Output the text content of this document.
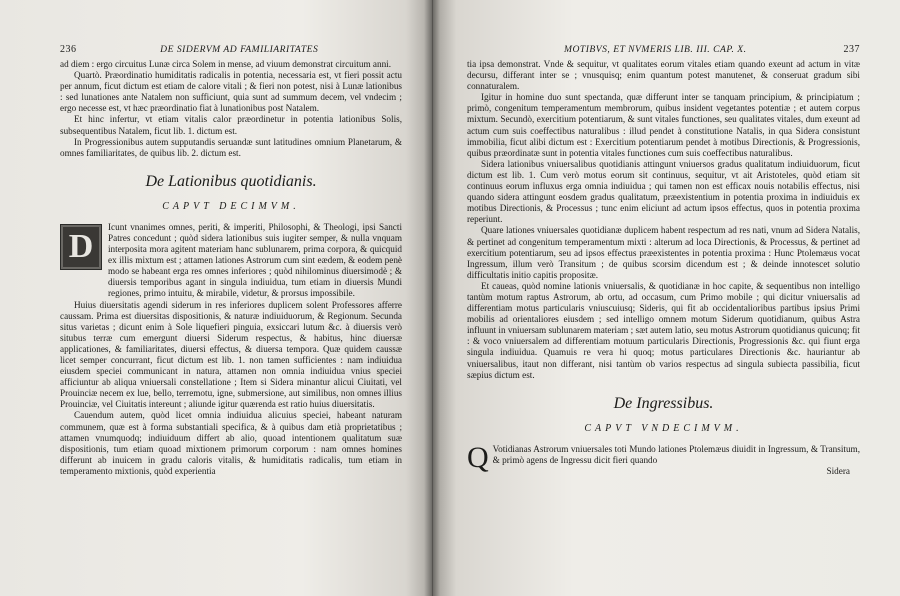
236	DE SIDERVM AD FAMILIARITATES

ad diem : ergo circuitus Lunæ circa Solem in mense, ad viuum demonstrat circuitum anni.

Quartò. Præordinatio humiditatis radicalis in potentia, necessaria est, vt fieri possit actu per annum, ficut dictum est etiam de calore vitali ; & fieri non potest, nisi à Lunæ lationibus : sed lunationes ante Natalem non sufficiunt, quia sunt ad summum decem, vel vndecim ; ergo necesse est, vt hæc præordinatio fiat à lunationibus post Natalem.

Et hinc infertur, vt etiam vitalis calor præordinetur in potentia lationibus Solis, subsequentibus Natalem, ficut lib. 1. dictum est.

In Progressionibus autem supputandis seruandæ sunt latitudines omnium Planetarum, & omnes familiaritates, de quibus lib. 2. dictum est.

De Lationibus quotidianis.
CAPVT DECIMVM.
D

Icunt vnanimes omnes, periti, & imperiti, Philosophi, & Theologi, ipsi Sancti Patres concedunt ; quòd sidera lationibus suis iugiter semper, & nulla vnquam interposita mora agitent materiam hanc sublunarem, prima corpora, & quicquid ex illis mixtum est ; attamen lationes Astrorum cum sint eædem, & eodem penè modo se habeant erga res omnes inferiores ; quòd nihilominus diuersimodè ; & diuersis temporibus agant in singula indiuidua, tum etiam in diuersis Mundi regiones, primo intuitu, & mirabile, videtur, & prorsus impossibile.

Huius diuersitatis agendi siderum in res inferiores duplicem solent Professores afferre caussam. Prima est diuersitas dispositionis, & naturæ indiuiduorum, & Regionum. Secunda situs varietas ; dicunt enim à Sole liquefieri pinguia, exsiccari lutum &c. à diuersis verò situbus terræ cum emergunt diuersi Siderum respectus, & habitus, hinc diuersæ applicationes, & familiaritates, diuersi effectus, & diuersa tempora. Quæ quidem caussæ licet semper concurrant, ficut dictum est lib. 1. non tamen sufficientes : nam indiuidua eiusdem speciei communicant in natura, attamen non omnia indiuidua vnius speciei afficiuntur ab aliqua vniuersali constellatione ; Item si Sidera minantur alicui Ciuitati, vel Prouinciæ necem ex lue, bello, terremotu, igne, submersione, aut similibus, non omnes illius Prouinciæ, vel Ciuitatis intereunt ; aliunde igitur quærenda est ratio huius diuersitatis.

Cauendum autem, quòd licet omnia indiuidua alicuius speciei, habeant naturam communem, quæ est à forma substantiali specifica, & à quibus dam etià proprietatibus ; attamen vnumquodq; indiuiduum differt ab alio, quoad intentionem qualitatum suæ dispositionis, tum etiam quoad mixtionem primorum corporum : nam omnes homines differunt ab inuicem in gradu caloris vitalis, & humiditatis radicalis, tum etiam in temperamento mixtionis, quòd experientia

MOTIBVS, ET NVMERIS LIB. III. CAP. X.	237

tia ipsa demonstrat. Vnde & sequitur, vt qualitates eorum vitales etiam quando exeunt ad actum in vitæ decursu, differant inter se ; vnusquisq; enim quantum potest manutenet, & conseruat gradum sibi connaturalem.

Igitur in homine duo sunt spectanda, quæ differunt inter se tanquam principium, & principiatum ; primò, congenitum temperamentum membrorum, quibus insident vegetantes potentiæ ; et autem corpus mixtum. Secundò, exercitium potentiarum, & sunt vitales functiones, seu qualitates vitales, dum exeunt ad actum cum suis coeffectibus naturalibus : illud pendet à constitutione Natalis, in qua Sidera consistunt immobilia, ficut alibi dictum est : Exercitium potentiarum pendet à motibus Directionis, & Progressionis, quibus præordinatæ sunt in potentia vitales functiones cum suis coeffectibus naturalibus.

Sidera lationibus vniuersalibus quotidianis attingunt vniuersos gradus qualitatum indiuiduorum, ficut dictum est lib. 1. Cum verò motus eorum sit continuus, sequitur, vt ait Aristoteles, quòd etiam sit continuus eorum influxus erga omnia indiuidua ; qui tamen non est efficax nouis notabilis effectus, nisi quando sidera attingunt eosdem gradus qualitatum, præexistentium in potentia proxima in indiuiduis ex motibus Directionis, & Processus ; tunc enim eliciunt ad actum ipsos effectus, quos in potentia proxima reperiunt.

Quare lationes vniuersales quotidianæ duplicem habent respectum ad res nati, vnum ad Sidera Natalis, & pertinet ad congenitum temperamentum mixti : alterum ad loca Directionis, & Processus, & pertinet ad exercitium potentiarum, seu ad ipsos effectus præexistentes in potentia proxima : Hunc Ptolemæus vocat Ingressum, illum verò Transitum ; de quibus scorsim dicendum est ; & deinde innotescet solutio difficultatis initio capitis propositæ.

Et caueas, quòd nomine lationis vniuersalis, & quotidianæ in hoc capite, & sequentibus non intelligo tantùm motum raptus Astrorum, ab ortu, ad occasum, cum Primo mobile ; qui dicitur vniuersalis ad differentiam motus particularis vniuscuiusq; Sideris, qui fit ab occidentalioribus partibus ipsius Primi mobilis ad orientaliores eiusdem ; sed intelligo omnem motum Siderum quotidianum, quibus Astra influunt in vniuersam sublunarem materiam ; sæt autem latio, seu motus Astrorum quotidianus quicunq; fit : & voco vniuersalem ad differentiam motuum particularis Directionis, Progressionis &c. qui fiunt erga singula indiuidua. Quamuis re vera hi quoq; motus particulares Directionis &c. hauriantur ab vniuersalibus, itaut non differant, nisi tantùm ob varios respectus ad singula subiecta passibilia, ficut sæpius dictum est.

De Ingressibus.
CAPVT VNDECIMVM.

Q Votidianas Astrorum vniuersales toti Mundo lationes Ptolemæus diuidit in Ingressum, & Transitum, & primò agens de Ingressu dicit fieri quando

Sidera
